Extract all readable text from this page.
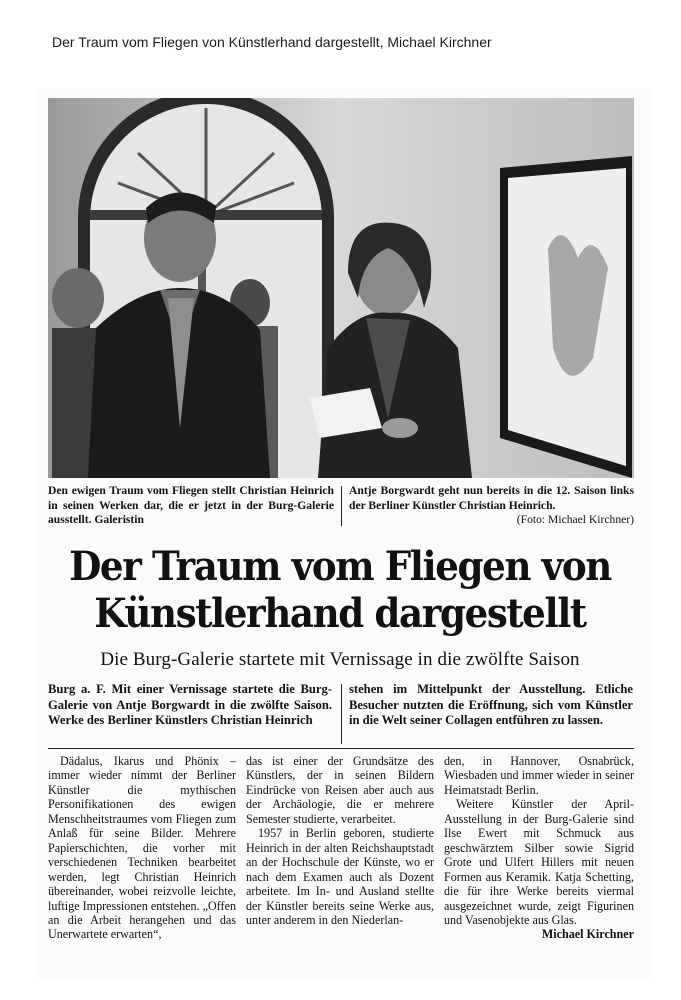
Der Traum vom Fliegen von Künstlerhand dargestellt, Michael Kirchner
Den ewigen Traum vom Fliegen stellt Christian Heinrich in seinen Werken dar, die er jetzt in der Burg-Galerie ausstellt. Galeristin
Antje Borgwardt geht nun bereits in die 12. Saison links der Berliner Künstler Christian Heinrich.
(Foto: Michael Kirchner)
Der Traum vom Fliegen von
Künstlerhand dargestellt
Die Burg-Galerie startete mit Vernissage in die zwölfte Saison
Burg a. F. Mit einer Vernissage startete die Burg-Galerie von Antje Borgwardt in die zwölfte Saison. Werke des Berliner Künstlers Christian Heinrich
stehen im Mittelpunkt der Ausstellung. Etliche Besucher nutzten die Eröffnung, sich vom Künstler in die Welt seiner Collagen entführen zu lassen.
Dädalus, Ikarus und Phönix – immer wieder nimmt der Berliner Künstler die mythischen Personifikationen des ewigen Menschheitstraumes vom Fliegen zum Anlaß für seine Bilder. Mehrere Papierschichten, die vorher mit verschiedenen Techniken bearbeitet werden, legt Christian Heinrich übereinander, wobei reizvolle leichte, luftige Impressionen entstehen. „Offen an die Arbeit herangehen und das Unerwartete erwarten“,
das ist einer der Grundsätze des Künstlers, der in seinen Bildern Eindrücke von Reisen aber auch aus der Archäologie, die er mehrere Semester studierte, verarbeitet.
1957 in Berlin geboren, studierte Heinrich in der alten Reichshauptstadt an der Hochschule der Künste, wo er nach dem Examen auch als Dozent arbeitete. Im In- und Ausland stellte der Künstler bereits seine Werke aus, unter anderem in den Niederlan-
den, in Hannover, Osnabrück, Wiesbaden und immer wieder in seiner Heimatstadt Berlin.
Weitere Künstler der April-Ausstellung in der Burg-Galerie sind Ilse Ewert mit Schmuck aus geschwärztem Silber sowie Sigrid Grote und Ulfert Hillers mit neuen Formen aus Keramik. Katja Schetting, die für ihre Werke bereits viermal ausgezeichnet wurde, zeigt Figurinen und Vasenobjekte aus Glas.
Michael Kirchner
